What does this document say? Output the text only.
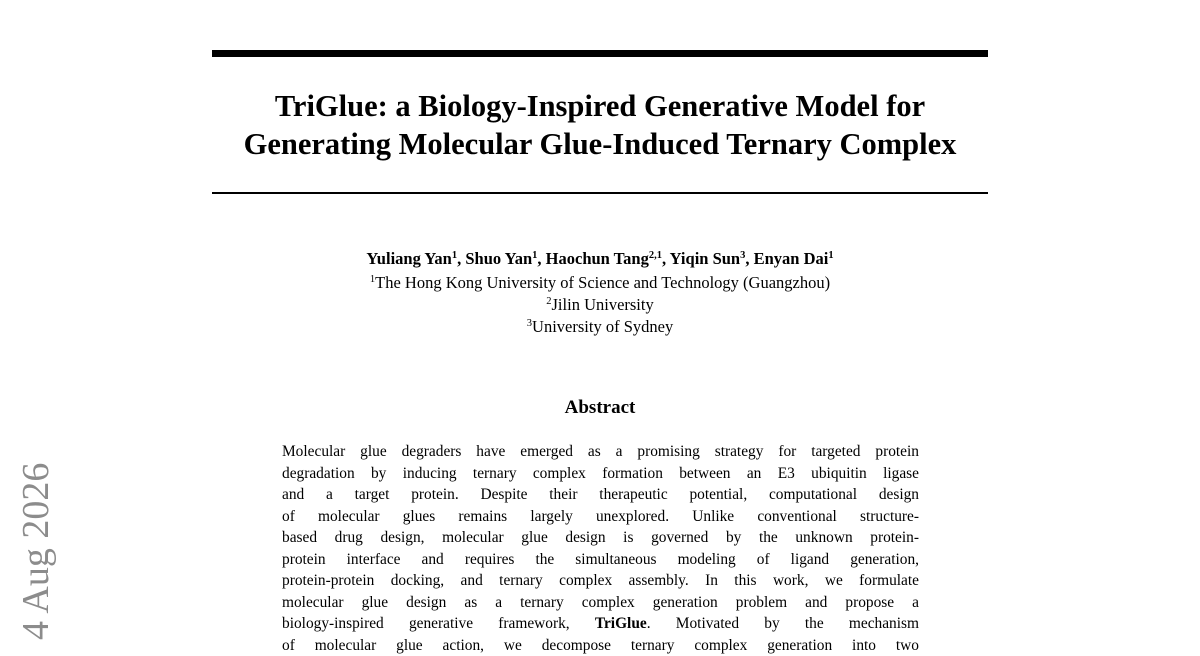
TriGlue: a Biology-Inspired Generative Model for
Generating Molecular Glue-Induced Ternary Complex
Yuliang Yan$^1$, Shuo Yan$^1$, Haochun Tang$^{2,1}$, Yiqin Sun$^3$, Enyan Dai$^1$
$^1$The Hong Kong University of Science and Technology (Guangzhou)
$^2$Jilin University
$^3$University of Sydney
Abstract
Molecular glue degraders have emerged as a promising strategy for targeted protein
degradation by inducing ternary complex formation between an E3 ubiquitin ligase
and a target protein. Despite their therapeutic potential, computational design
of molecular glues remains largely unexplored. Unlike conventional structure-
based drug design, molecular glue design is governed by the unknown protein-
protein interface and requires the simultaneous modeling of ligand generation,
protein-protein docking, and ternary complex assembly. In this work, we formulate
molecular glue design as a ternary complex generation problem and propose a
biology-inspired generative framework, TriGlue. Motivated by the mechanism
of molecular glue action, we decompose ternary complex generation into two
4 Aug 2026
